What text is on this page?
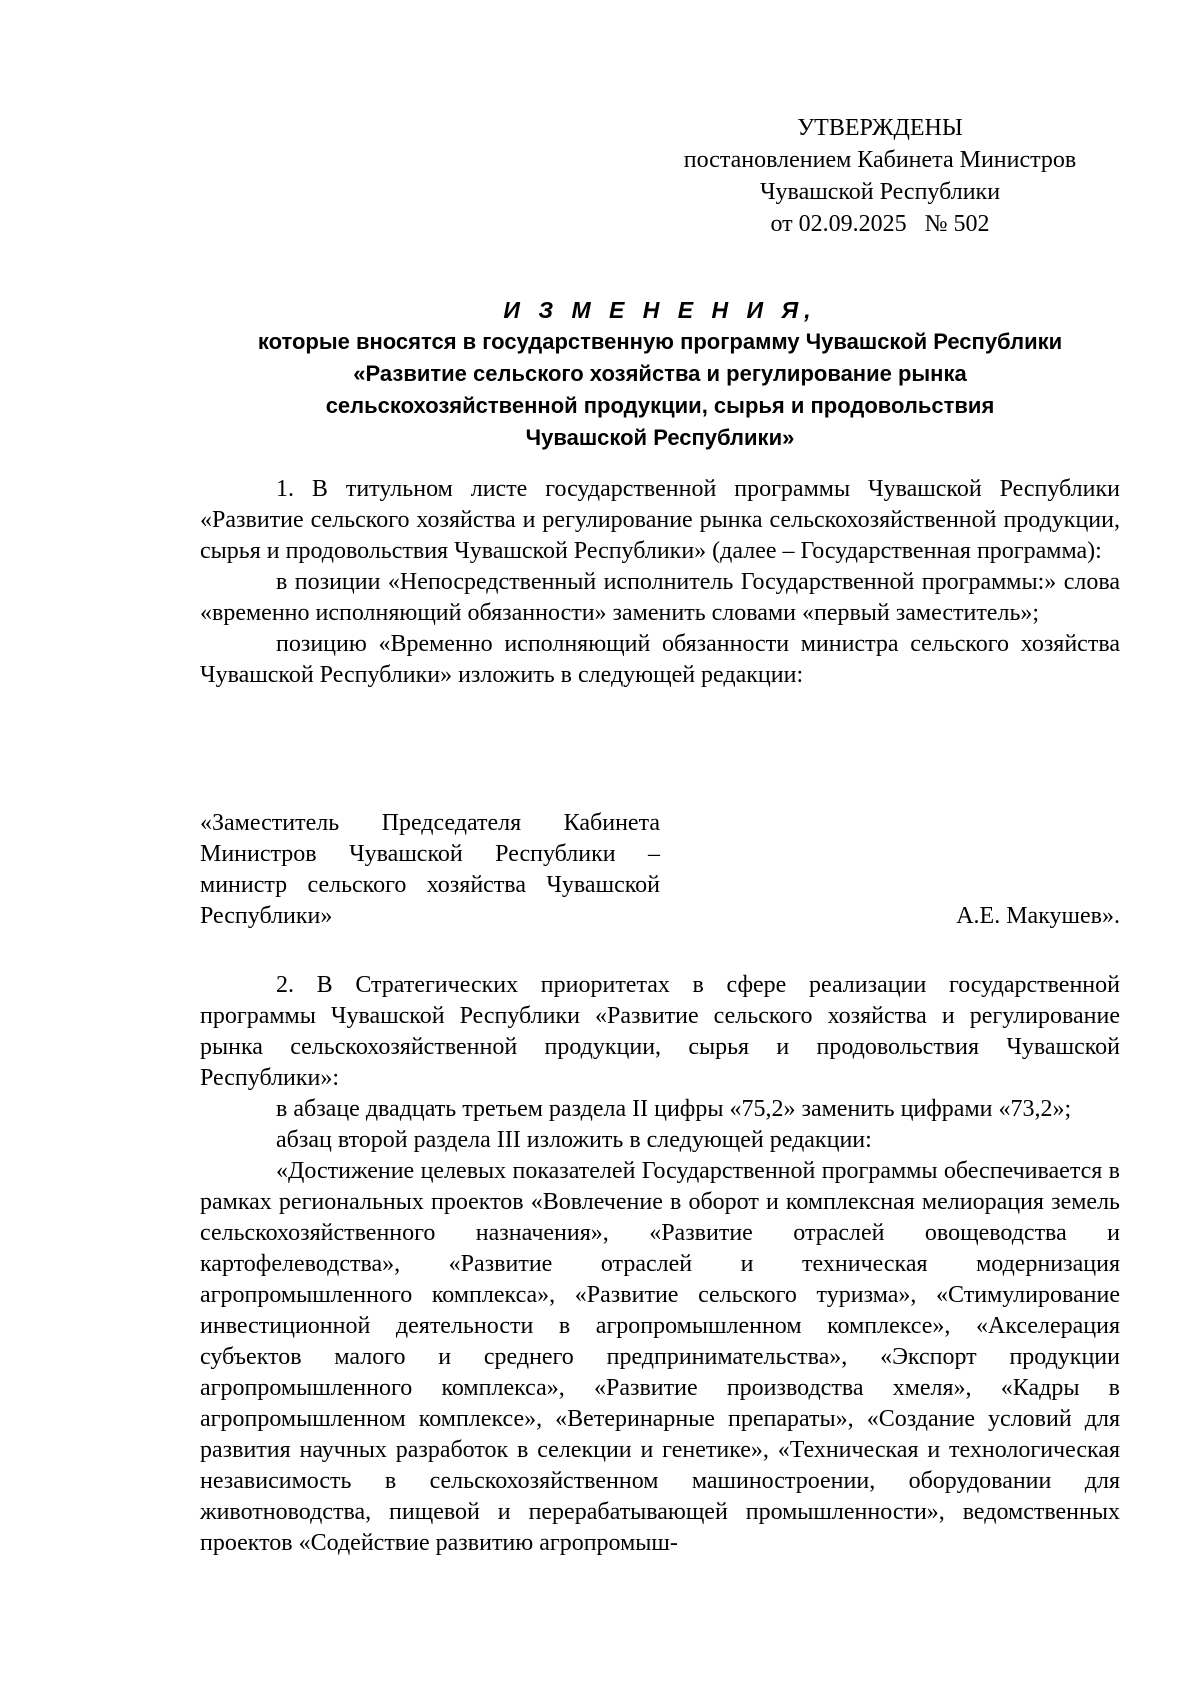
УТВЕРЖДЕНЫ
постановлением Кабинета Министров
Чувашской Республики
от 02.09.2025 № 502
И З М Е Н Е Н И Я,
которые вносятся в государственную программу Чувашской Республики
«Развитие сельского хозяйства и регулирование рынка
сельскохозяйственной продукции, сырья и продовольствия
Чувашской Республики»

1. В титульном листе государственной программы Чувашской Республики «Развитие сельского хозяйства и регулирование рынка сельскохозяйственной продукции, сырья и продовольствия Чувашской Республики» (далее – Государственная программа):

в позиции «Непосредственный исполнитель Государственной программы:» слова «временно исполняющий обязанности» заменить словами «первый заместитель»;

позицию «Временно исполняющий обязанности министра сельского хозяйства Чувашской Республики» изложить в следующей редакции:

«Заместитель Председателя Кабинета Министров Чувашской Республики – министр сельского хозяйства Чувашской Республики»	А.Е. Макушев».

2. В Стратегических приоритетах в сфере реализации государственной программы Чувашской Республики «Развитие сельского хозяйства и регулирование рынка сельскохозяйственной продукции, сырья и продовольствия Чувашской Республики»:

в абзаце двадцать третьем раздела II цифры «75,2» заменить цифрами «73,2»;

абзац второй раздела III изложить в следующей редакции:

«Достижение целевых показателей Государственной программы обеспечивается в рамках региональных проектов «Вовлечение в оборот и комплексная мелиорация земель сельскохозяйственного назначения», «Развитие отраслей овощеводства и картофелеводства», «Развитие отраслей и техническая модернизация агропромышленного комплекса», «Развитие сельского туризма», «Стимулирование инвестиционной деятельности в агропромышленном комплексе», «Акселерация субъектов малого и среднего предпринимательства», «Экспорт продукции агропромышленного комплекса», «Развитие производства хмеля», «Кадры в агропромышленном комплексе», «Ветеринарные препараты», «Создание условий для развития научных разработок в селекции и генетике», «Техническая и технологическая независимость в сельскохозяйственном машиностроении, оборудовании для животноводства, пищевой и перерабатывающей промышленности», ведомственных проектов «Содействие развитию агропромыш-
